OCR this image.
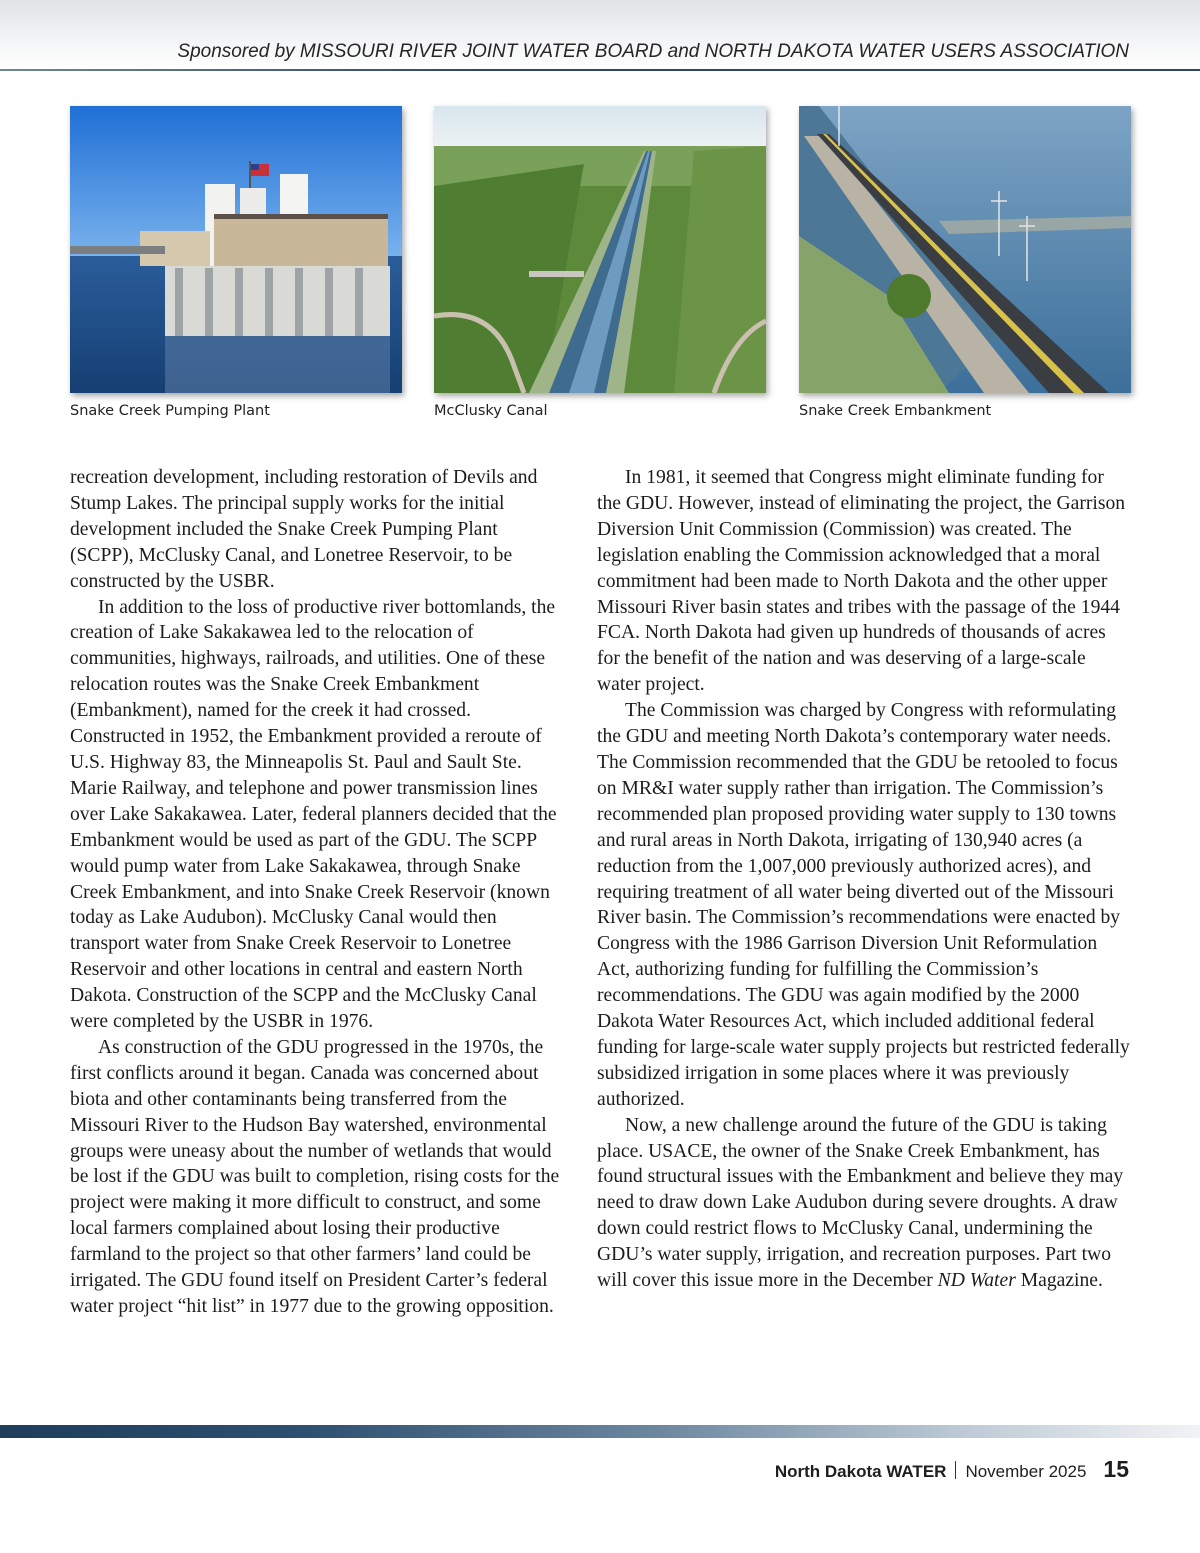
Sponsored by MISSOURI RIVER JOINT WATER BOARD and NORTH DAKOTA WATER USERS ASSOCIATION

Snake Creek Pumping Plant	McClusky Canal	Snake Creek Embankment

recreation development, including restoration of Devils and Stump Lakes. The principal supply works for the initial development included the Snake Creek Pumping Plant (SCPP), McClusky Canal, and Lonetree Reservoir, to be constructed by the USBR.

In addition to the loss of productive river bottomlands, the creation of Lake Sakakawea led to the relocation of communities, highways, railroads, and utilities. One of these relocation routes was the Snake Creek Embankment (Embankment), named for the creek it had crossed. Constructed in 1952, the Embankment provided a reroute of U.S. Highway 83, the Minneapolis St. Paul and Sault Ste. Marie Railway, and telephone and power transmission lines over Lake Sakakawea. Later, federal planners decided that the Embankment would be used as part of the GDU. The SCPP would pump water from Lake Sakakawea, through Snake Creek Embankment, and into Snake Creek Reservoir (known today as Lake Audubon). McClusky Canal would then transport water from Snake Creek Reservoir to Lonetree Reservoir and other locations in central and eastern North Dakota. Construction of the SCPP and the McClusky Canal were completed by the USBR in 1976.

As construction of the GDU progressed in the 1970s, the first conflicts around it began. Canada was concerned about biota and other contaminants being transferred from the Missouri River to the Hudson Bay watershed, environmental groups were uneasy about the number of wetlands that would be lost if the GDU was built to completion, rising costs for the project were making it more difficult to construct, and some local farmers complained about losing their productive farmland to the project so that other farmers’ land could be irrigated. The GDU found itself on President Carter’s federal water project “hit list” in 1977 due to the growing opposition.

In 1981, it seemed that Congress might eliminate funding for the GDU. However, instead of eliminating the project, the Garrison Diversion Unit Commission (Commission) was created. The legislation enabling the Commission acknowledged that a moral commitment had been made to North Dakota and the other upper Missouri River basin states and tribes with the passage of the 1944 FCA. North Dakota had given up hundreds of thousands of acres for the benefit of the nation and was deserving of a large-scale water project.

The Commission was charged by Congress with reformulating the GDU and meeting North Dakota’s contemporary water needs. The Commission recommended that the GDU be retooled to focus on MR&I water supply rather than irrigation. The Commission’s recommended plan proposed providing water supply to 130 towns and rural areas in North Dakota, irrigating of 130,940 acres (a reduction from the 1,007,000 previously authorized acres), and requiring treatment of all water being diverted out of the Missouri River basin. The Commission’s recommendations were enacted by Congress with the 1986 Garrison Diversion Unit Reformulation Act, authorizing funding for fulfilling the Commission’s recommendations. The GDU was again modified by the 2000 Dakota Water Resources Act, which included additional federal funding for large-scale water supply projects but restricted federally subsidized irrigation in some places where it was previously authorized.

Now, a new challenge around the future of the GDU is taking place. USACE, the owner of the Snake Creek Embankment, has found structural issues with the Embankment and believe they may need to draw down Lake Audubon during severe droughts. A draw down could restrict flows to McClusky Canal, undermining the GDU’s water supply, irrigation, and recreation purposes. Part two will cover this issue more in the December ND Water Magazine.

North Dakota WATER November 2025 15
